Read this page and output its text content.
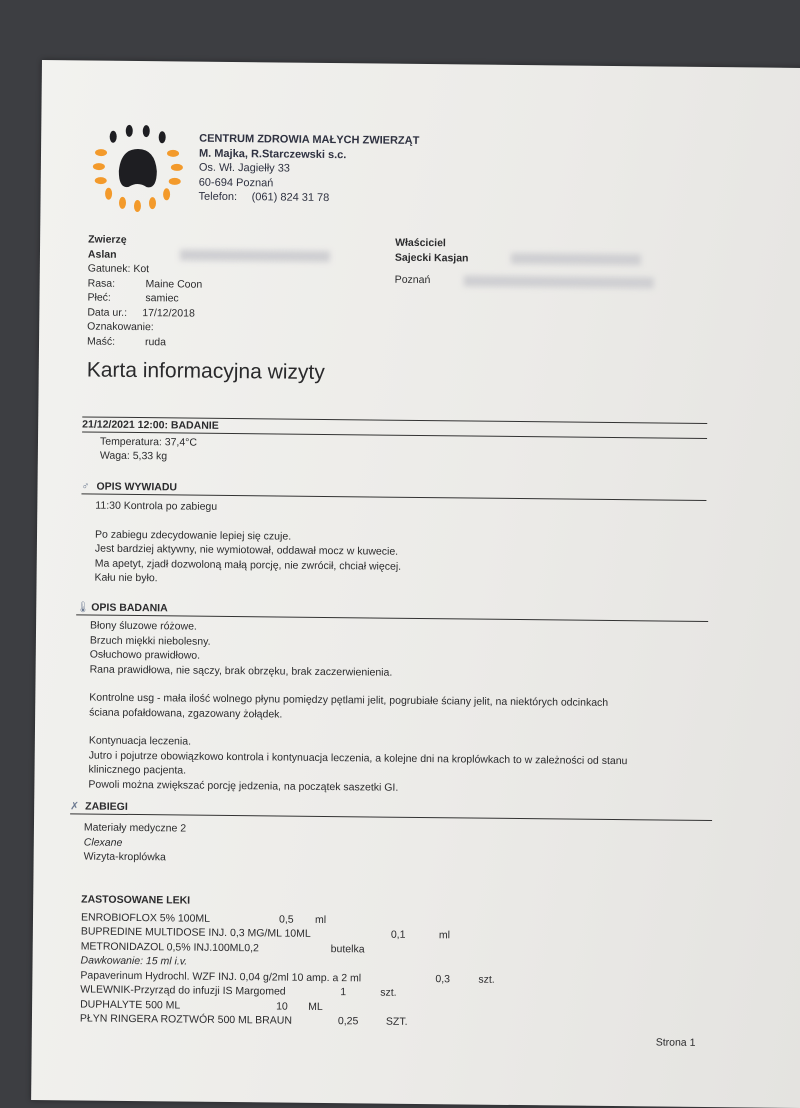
CENTRUM ZDROWIA MAŁYCH ZWIERZĄT
M. Majka, R.Starczewski s.c.
Os. Wł. Jagiełły 33
60-694 Poznań
Telefon: (061) 824 31 78
Zwierzę
Aslan
Gatunek: Kot
Rasa:	Maine Coon
Płeć:	samiec
Data ur.: 17/12/2018
Oznakowanie:
Maść:	ruda
Właściciel
Sajecki Kasjan
Poznań
Karta informacyjna wizyty
21/12/2021 12:00: BADANIE
Temperatura: 37,4°C
Waga: 5,33 kg
♂ OPIS WYWIADU

11:30 Kontrola po zabiegu

Po zabiegu zdecydowanie lepiej się czuje.

Jest bardziej aktywny, nie wymiotował, oddawał mocz w kuwecie.

Ma apetyt, zjadł dozwoloną małą porcję, nie zwrócił, chciał więcej.

Kału nie było.

🌡 OPIS BADANIA

Błony śluzowe różowe.

Brzuch miękki niebolesny.

Osłuchowo prawidłowo.

Rana prawidłowa, nie sączy, brak obrzęku, brak zaczerwienienia.

Kontrolne usg - mała ilość wolnego płynu pomiędzy pętlami jelit, pogrubiałe ściany jelit, na niektórych odcinkach

ściana pofałdowana, zgazowany żołądek.

Kontynuacja leczenia.

Jutro i pojutrze obowiązkowo kontrola i kontynuacja leczenia, a kolejne dni na kroplówkach to w zależności od stanu

klinicznego pacjenta.

Powoli można zwiększać porcję jedzenia, na początek saszetki GI.

✗ ZABIEGI

Materiały medyczne 2

Clexane

Wizyta-kroplówka

ZASTOSOWANE LEKI
ENROBIOFLOX 5% 100ML	0,5 ml
BUPREDINE MULTIDOSE INJ. 0,3 MG/ML 10ML	0,1	ml
METRONIDAZOL 0,5% INJ.100ML0,2	butelka
Dawkowanie: 15 ml i.v.
Papaverinum Hydrochl. WZF INJ. 0,04 g/2ml 10 amp. a 2 ml	0,3	szt.
WLEWNIK-Przyrząd do infuzji IS Margomed	1	szt.
DUPHALYTE 500 ML	10 ML
PŁYN RINGERA ROZTWÓR 500 ML BRAUN	0,25	SZT.
Strona 1
